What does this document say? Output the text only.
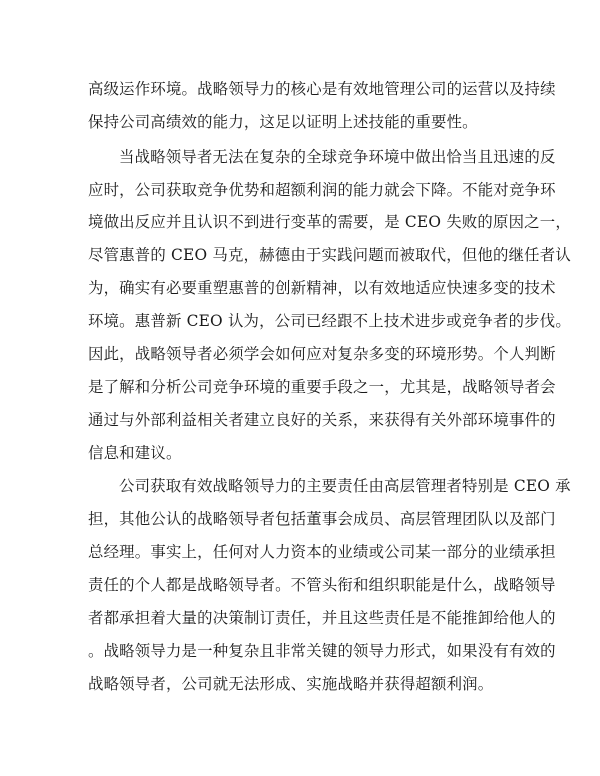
高级运作环境。战略领导力的核心是有效地管理公司的运营以及持续
保持公司高绩效的能力，这足以证明上述技能的重要性。
当战略领导者无法在复杂的全球竞争环境中做出恰当且迅速的反
应时，公司获取竞争优势和超额利润的能力就会下降。不能对竞争环
境做出反应并且认识不到进行变革的需要，是 CEO 失败的原因之一，
尽管惠普的 CEO 马克，赫德由于实践问题而被取代，但他的继任者认
为，确实有必要重塑惠普的创新精神，以有效地适应快速多变的技术
环境。惠普新 CEO 认为，公司已经跟不上技术进步或竞争者的步伐。
因此，战略领导者必须学会如何应对复杂多变的环境形势。个人判断
是了解和分析公司竞争环境的重要手段之一，尤其是，战略领导者会
通过与外部利益相关者建立良好的关系，来获得有关外部环境事件的
信息和建议。
公司获取有效战略领导力的主要责任由高层管理者特别是 CEO 承
担，其他公认的战略领导者包括董事会成员、高层管理团队以及部门
总经理。事实上，任何对人力资本的业绩或公司某一部分的业绩承担
责任的个人都是战略领导者。不管头衔和组织职能是什么，战略领导
者都承担着大量的决策制订责任，并且这些责任是不能推卸给他人的
。战略领导力是一种复杂且非常关键的领导力形式，如果没有有效的
战略领导者，公司就无法形成、实施战略并获得超额利润。
